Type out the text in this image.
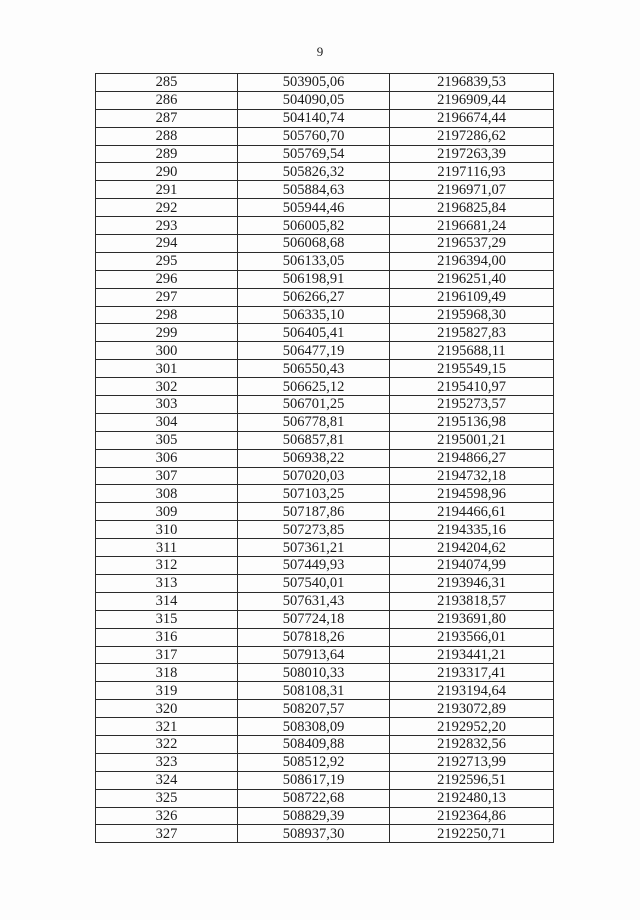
9
285	503905,06	2196839,53
286	504090,05	2196909,44
287	504140,74	2196674,44
288	505760,70	2197286,62
289	505769,54	2197263,39
290	505826,32	2197116,93
291	505884,63	2196971,07
292	505944,46	2196825,84
293	506005,82	2196681,24
294	506068,68	2196537,29
295	506133,05	2196394,00
296	506198,91	2196251,40
297	506266,27	2196109,49
298	506335,10	2195968,30
299	506405,41	2195827,83
300	506477,19	2195688,11
301	506550,43	2195549,15
302	506625,12	2195410,97
303	506701,25	2195273,57
304	506778,81	2195136,98
305	506857,81	2195001,21
306	506938,22	2194866,27
307	507020,03	2194732,18
308	507103,25	2194598,96
309	507187,86	2194466,61
310	507273,85	2194335,16
311	507361,21	2194204,62
312	507449,93	2194074,99
313	507540,01	2193946,31
314	507631,43	2193818,57
315	507724,18	2193691,80
316	507818,26	2193566,01
317	507913,64	2193441,21
318	508010,33	2193317,41
319	508108,31	2193194,64
320	508207,57	2193072,89
321	508308,09	2192952,20
322	508409,88	2192832,56
323	508512,92	2192713,99
324	508617,19	2192596,51
325	508722,68	2192480,13
326	508829,39	2192364,86
327	508937,30	2192250,71
